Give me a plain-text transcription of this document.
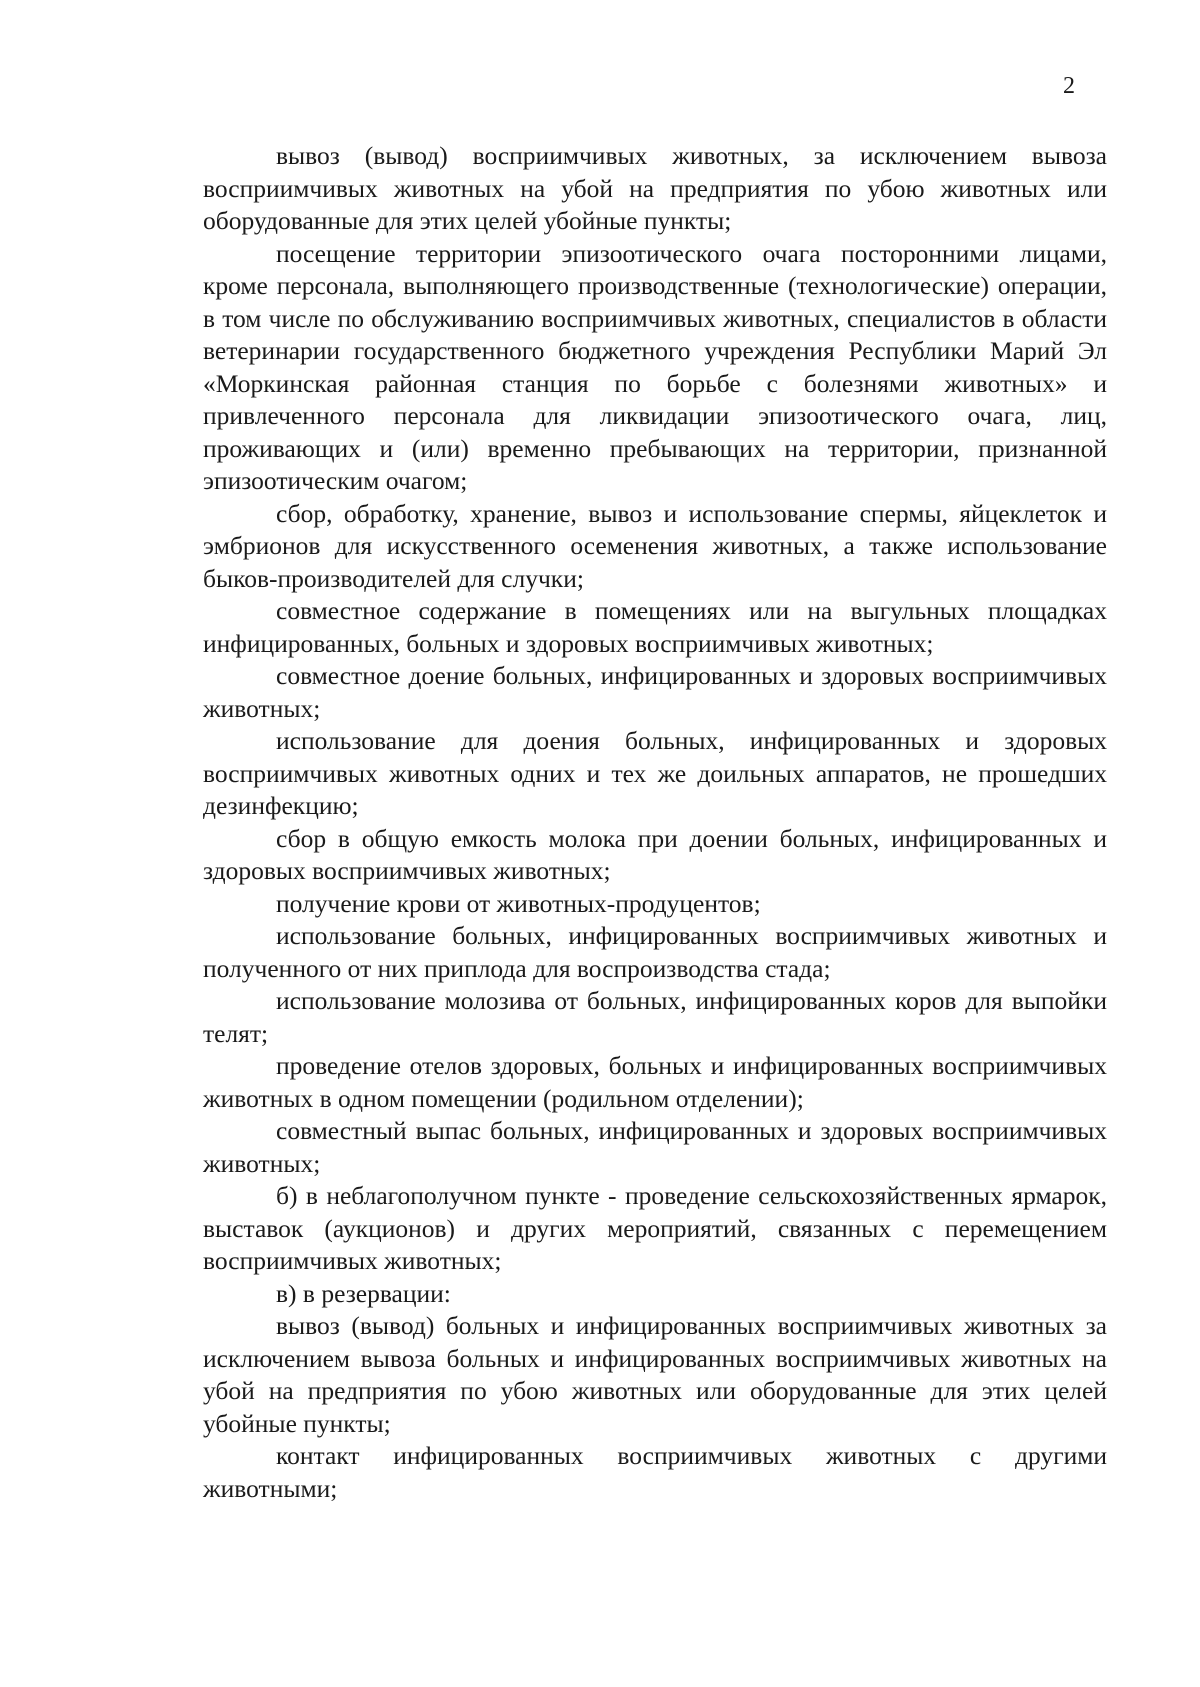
2

вывоз (вывод) восприимчивых животных, за исключением вывоза восприимчивых животных на убой на предприятия по убою животных или оборудованные для этих целей убойные пункты;

посещение территории эпизоотического очага посторонними лицами, кроме персонала, выполняющего производственные (технологические) операции, в том числе по обслуживанию восприимчивых животных, специалистов в области ветеринарии государственного бюджетного учреждения Республики Марий Эл «Моркинская районная станция по борьбе с болезнями животных» и привлеченного персонала для ликвидации эпизоотического очага, лиц, проживающих и (или) временно пребывающих на территории, признанной эпизоотическим очагом;

сбор, обработку, хранение, вывоз и использование спермы, яйцеклеток и эмбрионов для искусственного осеменения животных, а также использование быков-производителей для случки;

совместное содержание в помещениях или на выгульных площадках инфицированных, больных и здоровых восприимчивых животных;

совместное доение больных, инфицированных и здоровых восприимчивых животных;

использование для доения больных, инфицированных и здоровых восприимчивых животных одних и тех же доильных аппаратов, не прошедших дезинфекцию;

сбор в общую емкость молока при доении больных, инфицированных и здоровых восприимчивых животных;

получение крови от животных-продуцентов;

использование больных, инфицированных восприимчивых животных и полученного от них приплода для воспроизводства стада;

использование молозива от больных, инфицированных коров для выпойки телят;

проведение отелов здоровых, больных и инфицированных восприимчивых животных в одном помещении (родильном отделении);

совместный выпас больных, инфицированных и здоровых восприимчивых животных;

б) в неблагополучном пункте - проведение сельскохозяйственных ярмарок, выставок (аукционов) и других мероприятий, связанных с перемещением восприимчивых животных;

в) в резервации:

вывоз (вывод) больных и инфицированных восприимчивых животных за исключением вывоза больных и инфицированных восприимчивых животных на убой на предприятия по убою животных или оборудованные для этих целей убойные пункты;

контакт инфицированных восприимчивых животных с другими животными;
